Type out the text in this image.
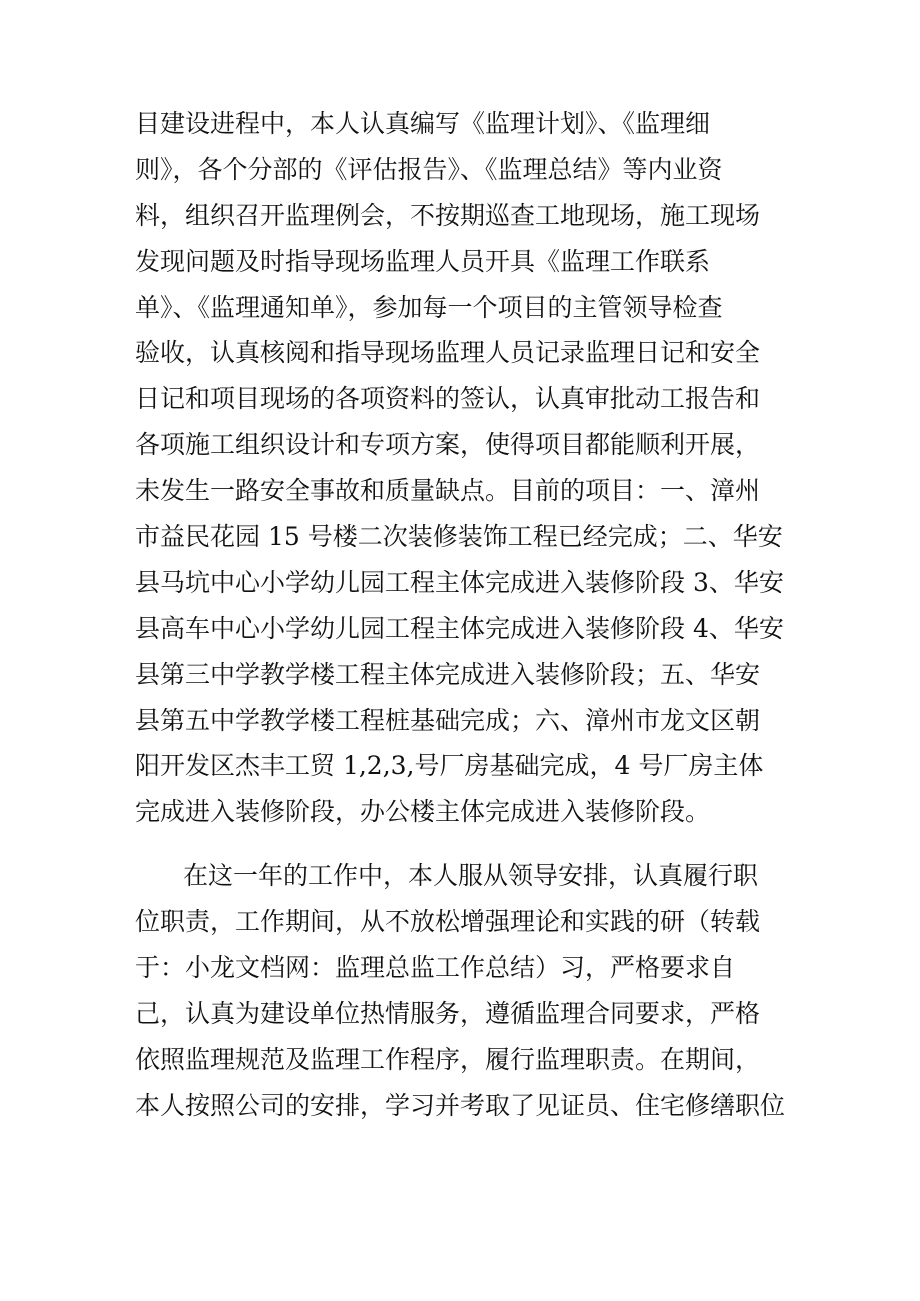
目建设进程中，本人认真编写《监理计划》、《监理细
则》，各个分部的《评估报告》、《监理总结》等内业资
料，组织召开监理例会，不按期巡查工地现场，施工现场
发现问题及时指导现场监理人员开具《监理工作联系
单》、《监理通知单》，参加每一个项目的主管领导检查
验收，认真核阅和指导现场监理人员记录监理日记和安全
日记和项目现场的各项资料的签认，认真审批动工报告和
各项施工组织设计和专项方案，使得项目都能顺利开展，
未发生一路安全事故和质量缺点。目前的项目：一、漳州
市益民花园 15 号楼二次装修装饰工程已经完成；二、华安
县马坑中心小学幼儿园工程主体完成进入装修阶段 3、华安
县高车中心小学幼儿园工程主体完成进入装修阶段 4、华安
县第三中学教学楼工程主体完成进入装修阶段；五、华安
县第五中学教学楼工程桩基础完成；六、漳州市龙文区朝
阳开发区杰丰工贸 1,2,3,号厂房基础完成，4 号厂房主体
完成进入装修阶段，办公楼主体完成进入装修阶段。
在这一年的工作中，本人服从领导安排，认真履行职
位职责，工作期间，从不放松增强理论和实践的研（转载
于：小龙文档网：监理总监工作总结）习，严格要求自
己，认真为建设单位热情服务，遵循监理合同要求，严格
依照监理规范及监理工作程序，履行监理职责。在期间，
本人按照公司的安排，学习并考取了见证员、住宅修缮职位
